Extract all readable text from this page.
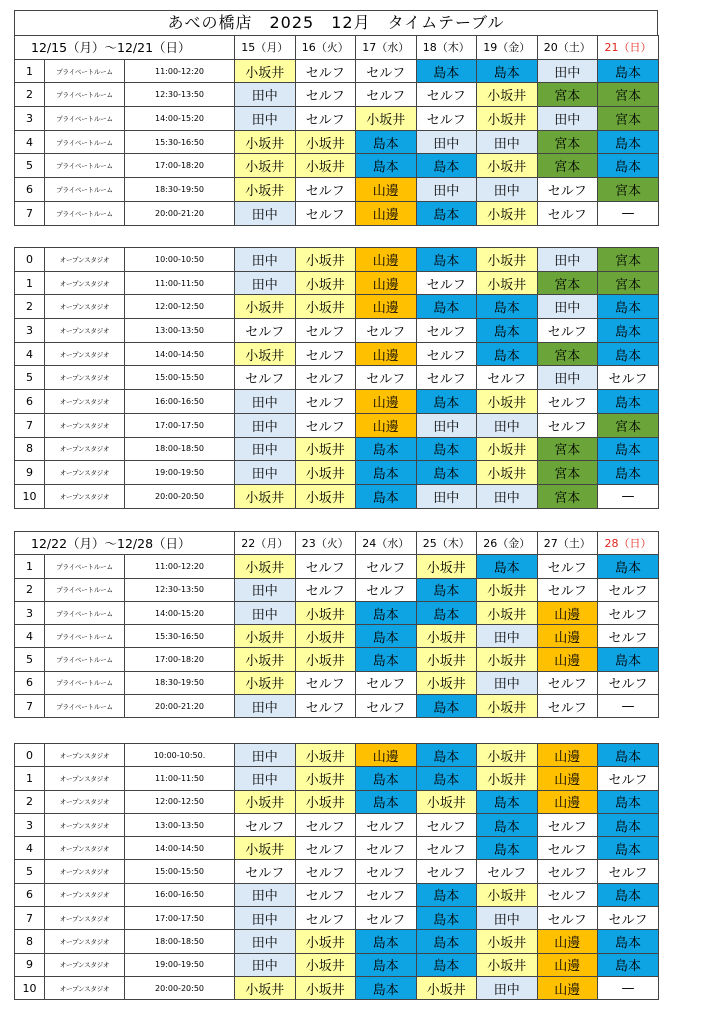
あべの橋店　2025　12月　タイムテーブル
12/15（月）～12/21（日）			15（月）	16（火）	17（水）	18（木）	19（金）	20（土）	21（日）
1	プライベートルーム	11:00-12:20	小坂井	セルフ	セルフ	島本	島本	田中	島本
2	プライベートルーム	12:30-13:50	田中	セルフ	セルフ	セルフ	小坂井	宮本	宮本
3	プライベートルーム	14:00-15:20	田中	セルフ	小坂井	セルフ	小坂井	田中	宮本
4	プライベートルーム	15:30-16:50	小坂井	小坂井	島本	田中	田中	宮本	島本
5	プライベートルーム	17:00-18:20	小坂井	小坂井	島本	島本	小坂井	宮本	島本
6	プライベートルーム	18:30-19:50	小坂井	セルフ	山邊	田中	田中	セルフ	宮本
7	プライベートルーム	20:00-21:20	田中	セルフ	山邊	島本	小坂井	セルフ	—
0	オープンスタジオ	10:00-10:50	田中	小坂井	山邊	島本	小坂井	田中	宮本
1	オープンスタジオ	11:00-11:50	田中	小坂井	山邊	セルフ	小坂井	宮本	宮本
2	オープンスタジオ	12:00-12:50	小坂井	小坂井	山邊	島本	島本	田中	島本
3	オープンスタジオ	13:00-13:50	セルフ	セルフ	セルフ	セルフ	島本	セルフ	島本
4	オープンスタジオ	14:00-14:50	小坂井	セルフ	山邊	セルフ	島本	宮本	島本
5	オープンスタジオ	15:00-15:50	セルフ	セルフ	セルフ	セルフ	セルフ	田中	セルフ
6	オープンスタジオ	16:00-16:50	田中	セルフ	山邊	島本	小坂井	セルフ	島本
7	オープンスタジオ	17:00-17:50	田中	セルフ	山邊	田中	田中	セルフ	宮本
8	オープンスタジオ	18:00-18:50	田中	小坂井	島本	島本	小坂井	宮本	島本
9	オープンスタジオ	19:00-19:50	田中	小坂井	島本	島本	小坂井	宮本	島本
10	オープンスタジオ	20:00-20:50	小坂井	小坂井	島本	田中	田中	宮本	—
12/22（月）～12/28（日）			22（月）	23（火）	24（水）	25（木）	26（金）	27（土）	28（日）
1	プライベートルーム	11:00-12:20	小坂井	セルフ	セルフ	小坂井	島本	セルフ	島本
2	プライベートルーム	12:30-13:50	田中	セルフ	セルフ	島本	小坂井	セルフ	セルフ
3	プライベートルーム	14:00-15:20	田中	小坂井	島本	島本	小坂井	山邊	セルフ
4	プライベートルーム	15:30-16:50	小坂井	小坂井	島本	小坂井	田中	山邊	セルフ
5	プライベートルーム	17:00-18:20	小坂井	小坂井	島本	小坂井	小坂井	山邊	島本
6	プライベートルーム	18:30-19:50	小坂井	セルフ	セルフ	小坂井	田中	セルフ	セルフ
7	プライベートルーム	20:00-21:20	田中	セルフ	セルフ	島本	小坂井	セルフ	—
0	オープンスタジオ	10:00-10:50.	田中	小坂井	山邊	島本	小坂井	山邊	島本
1	オープンスタジオ	11:00-11:50	田中	小坂井	島本	島本	小坂井	山邊	セルフ
2	オープンスタジオ	12:00-12:50	小坂井	小坂井	島本	小坂井	島本	山邊	島本
3	オープンスタジオ	13:00-13:50	セルフ	セルフ	セルフ	セルフ	島本	セルフ	島本
4	オープンスタジオ	14:00-14:50	小坂井	セルフ	セルフ	セルフ	島本	セルフ	島本
5	オープンスタジオ	15:00-15:50	セルフ	セルフ	セルフ	セルフ	セルフ	セルフ	セルフ
6	オープンスタジオ	16:00-16:50	田中	セルフ	セルフ	島本	小坂井	セルフ	島本
7	オープンスタジオ	17:00-17:50	田中	セルフ	セルフ	島本	田中	セルフ	セルフ
8	オープンスタジオ	18:00-18:50	田中	小坂井	島本	島本	小坂井	山邊	島本
9	オープンスタジオ	19:00-19:50	田中	小坂井	島本	島本	小坂井	山邊	島本
10	オープンスタジオ	20:00-20:50	小坂井	小坂井	島本	小坂井	田中	山邊	—
